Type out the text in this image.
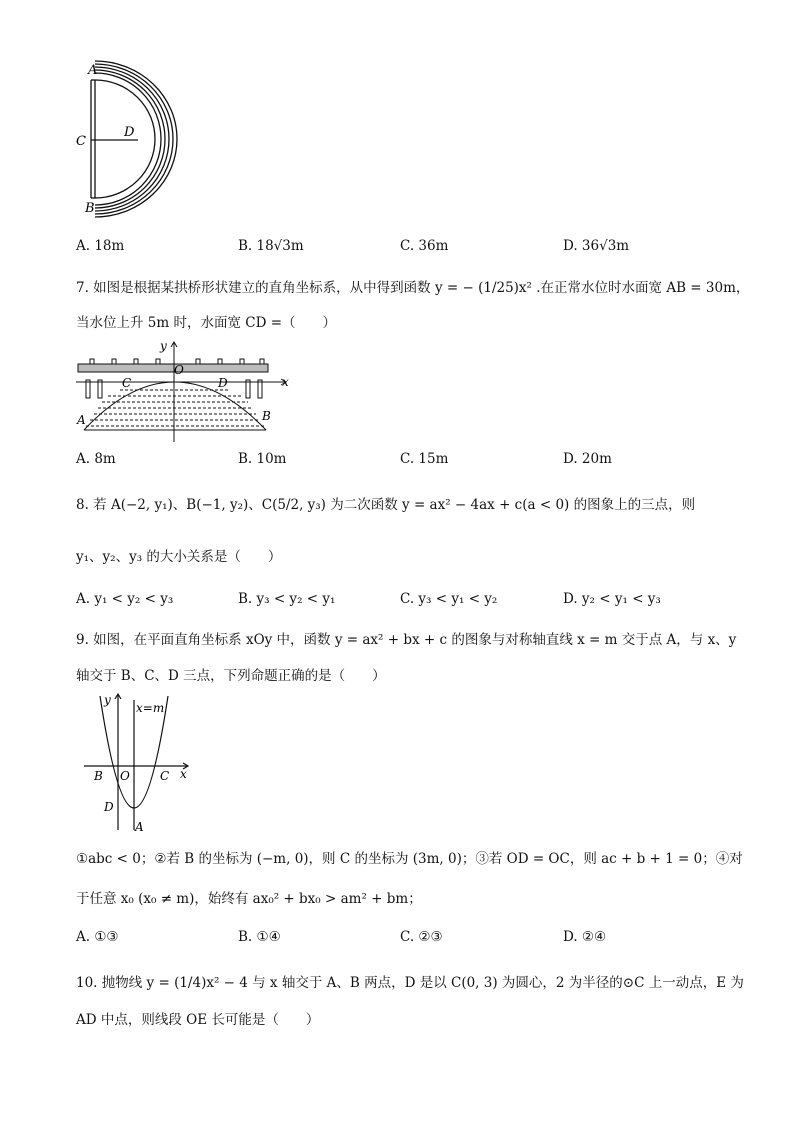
A
B
C
D
A. 18m	B. 18√3m	C. 36m	D. 36√3m
7. 如图是根据某拱桥形状建立的直角坐标系，从中得到函数 y = − (1/25)x² .在正常水位时水面宽 AB = 30m，
当水位上升 5m 时，水面宽 CD =（　　）
y
O
x
C	D
A	B
A. 8m	B. 10m	C. 15m	D. 20m
8. 若 A(−2, y₁)、B(−1, y₂)、C(5/2, y₃) 为二次函数 y = ax² − 4ax + c(a < 0) 的图象上的三点，则
y₁、y₂、y₃ 的大小关系是（　　）
A. y₁ < y₂ < y₃	B. y₃ < y₂ < y₁	C. y₃ < y₁ < y₂	D. y₂ < y₁ < y₃
9. 如图，在平面直角坐标系 xOy 中，函数 y = ax² + bx + c 的图象与对称轴直线 x = m 交于点 A，与 x、y
轴交于 B、C、D 三点，下列命题正确的是（　　）
y
x=m
B O	C x
D
A
①abc < 0；②若 B 的坐标为 (−m, 0)，则 C 的坐标为 (3m, 0)；③若 OD = OC，则 ac + b + 1 = 0；④对
于任意 x₀ (x₀ ≠ m)，始终有 ax₀² + bx₀ > am² + bm；
A. ①③	B. ①④	C. ②③	D. ②④
10. 抛物线 y = (1/4)x² − 4 与 x 轴交于 A、B 两点，D 是以 C(0, 3) 为圆心，2 为半径的⊙C 上一动点，E 为
AD 中点，则线段 OE 长可能是（　　）
